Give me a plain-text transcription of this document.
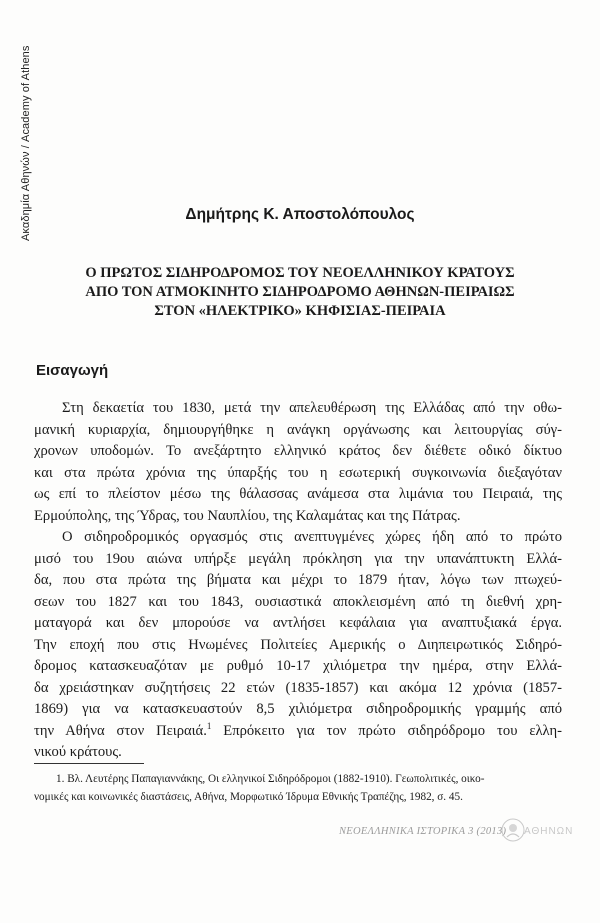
Ακαδημία Αθηνών / Academy of Athens	Δημήτρης Κ. Αποστολόπουλος
Ο ΠΡΩΤΟΣ ΣΙΔΗΡΟΔΡΟΜΟΣ ΤΟΥ ΝΕΟΕΛΛΗΝΙΚΟΥ ΚΡΑΤΟΥΣ
ΑΠΟ ΤΟΝ ΑΤΜΟΚΙΝΗΤΟ ΣΙΔΗΡΟΔΡΟΜΟ ΑΘΗΝΩΝ-ΠΕΙΡΑΙΩΣ
ΣΤΟΝ «ΗΛΕΚΤΡΙΚΟ» ΚΗΦΙΣΙΑΣ-ΠΕΙΡΑΙΑ
Εισαγωγή
Στη δεκαετία του 1830, μετά την απελευθέρωση της Ελλάδας από την οθω-
μανική κυριαρχία, δημιουργήθηκε η ανάγκη οργάνωσης και λειτουργίας σύγ-
χρονων υποδομών. Το ανεξάρτητο ελληνικό κράτος δεν διέθετε οδικό δίκτυο
και στα πρώτα χρόνια της ύπαρξής του η εσωτερική συγκοινωνία διεξαγόταν
ως επί το πλείστον μέσω της θάλασσας ανάμεσα στα λιμάνια του Πειραιά, της
Ερμούπολης, της Ύδρας, του Ναυπλίου, της Καλαμάτας και της Πάτρας.
Ο σιδηροδρομικός οργασμός στις ανεπτυγμένες χώρες ήδη από το πρώτο
μισό του 19ου αιώνα υπήρξε μεγάλη πρόκληση για την υπανάπτυκτη Ελλά-
δα, που στα πρώτα της βήματα και μέχρι το 1879 ήταν, λόγω των πτωχεύ-
σεων του 1827 και του 1843, ουσιαστικά αποκλεισμένη από τη διεθνή χρη-
ματαγορά και δεν μπορούσε να αντλήσει κεφάλαια για αναπτυξιακά έργα.
Την εποχή που στις Ηνωμένες Πολιτείες Αμερικής ο Διηπειρωτικός Σιδηρό-
δρομος κατασκευαζόταν με ρυθμό 10-17 χιλιόμετρα την ημέρα, στην Ελλά-
δα χρειάστηκαν συζητήσεις 22 ετών (1835-1857) και ακόμα 12 χρόνια (1857-
1869) για να κατασκευαστούν 8,5 χιλιόμετρα σιδηροδρομικής γραμμής από
την Αθήνα στον Πειραιά.$^1$ Επρόκειτο για τον πρώτο σιδηρόδρομο του ελλη-
νικού κράτους.
1. Βλ. Λευτέρης Παπαγιαννάκης, Οι ελληνικοί Σιδηρόδρομοι (1882-1910). Γεωπολιτικές, οικο-
νομικές και κοινωνικές διαστάσεις, Αθήνα, Μορφωτικό Ίδρυμα Εθνικής Τραπέζης, 1982, σ. 45.
ΝΕΟΕΛΛΗΝΙΚΑ ΙΣΤΟΡΙΚΑ 3 (2013) ΑΘΗΝΩΝ
